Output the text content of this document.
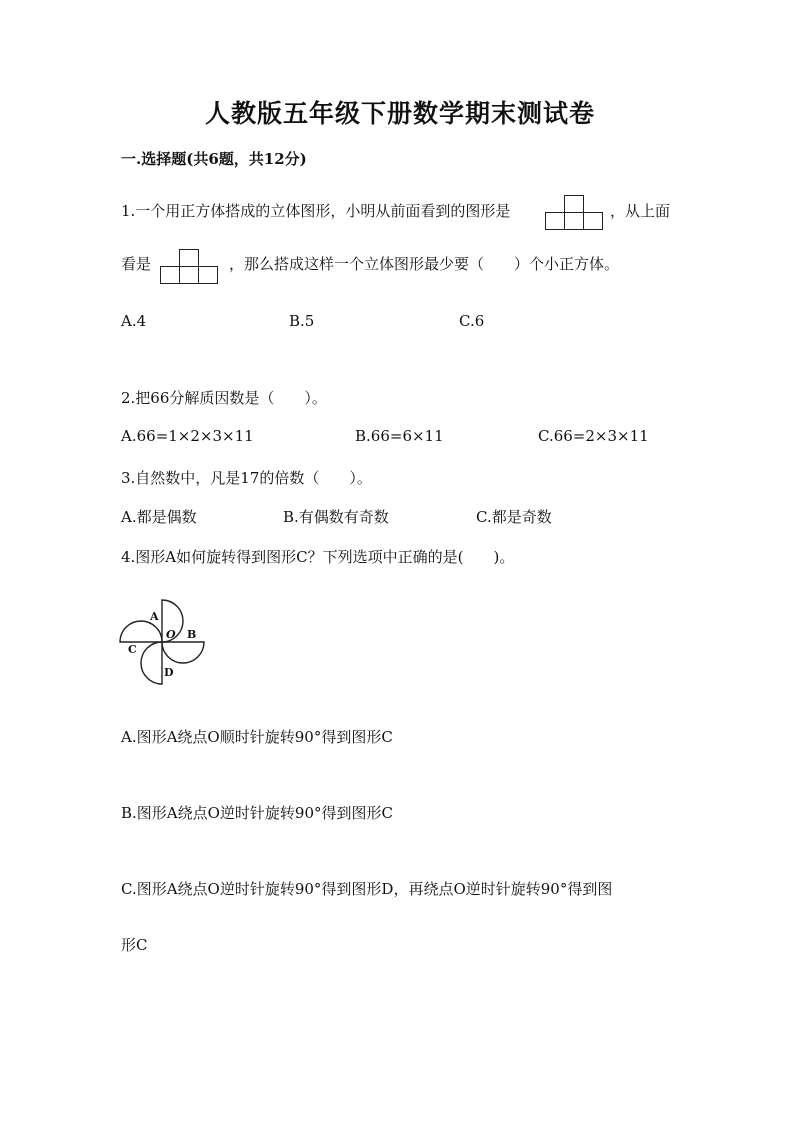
人教版五年级下册数学期末测试卷
一.选择题(共6题，共12分)
1.一个用正方体搭成的立体图形，小明从前面看到的图形是	，从上面
看是	，那么搭成这样一个立体图形最少要（　　）个小正方体。
A.4	B.5	C.6
2.把66分解质因数是（　　）。
A.66=1×2×3×11	B.66=6×11	C.66=2×3×11
3.自然数中，凡是17的倍数（　　）。
A.都是偶数	B.有偶数有奇数	C.都是奇数
4.图形A如何旋转得到图形C？下列选项中正确的是(　　)。
A
B
C
D
O
A.图形A绕点O顺时针旋转90°得到图形C
B.图形A绕点O逆时针旋转90°得到图形C
C.图形A绕点O逆时针旋转90°得到图形D，再绕点O逆时针旋转90°得到图
形C
